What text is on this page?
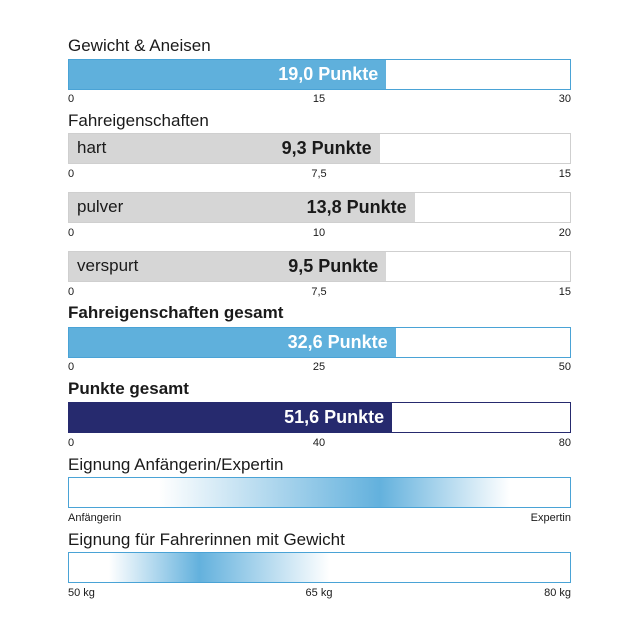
Gewicht & Aneisen
Fahreigenschaften
Fahreigenschaften gesamt
Punkte gesamt
Eignung Anfängerin/Expertin
Eignung für Fahrerinnen mit Gewicht
19,0 Punkte
0	15	30
hart	9,3 Punkte
0	7,5	15
pulver	13,8 Punkte
0	10	20
verspurt	9,5 Punkte
0	7,5	15
32,6 Punkte
0	25	50
51,6 Punkte
0	40	80
Anfängerin	Expertin
50 kg	65 kg	80 kg
